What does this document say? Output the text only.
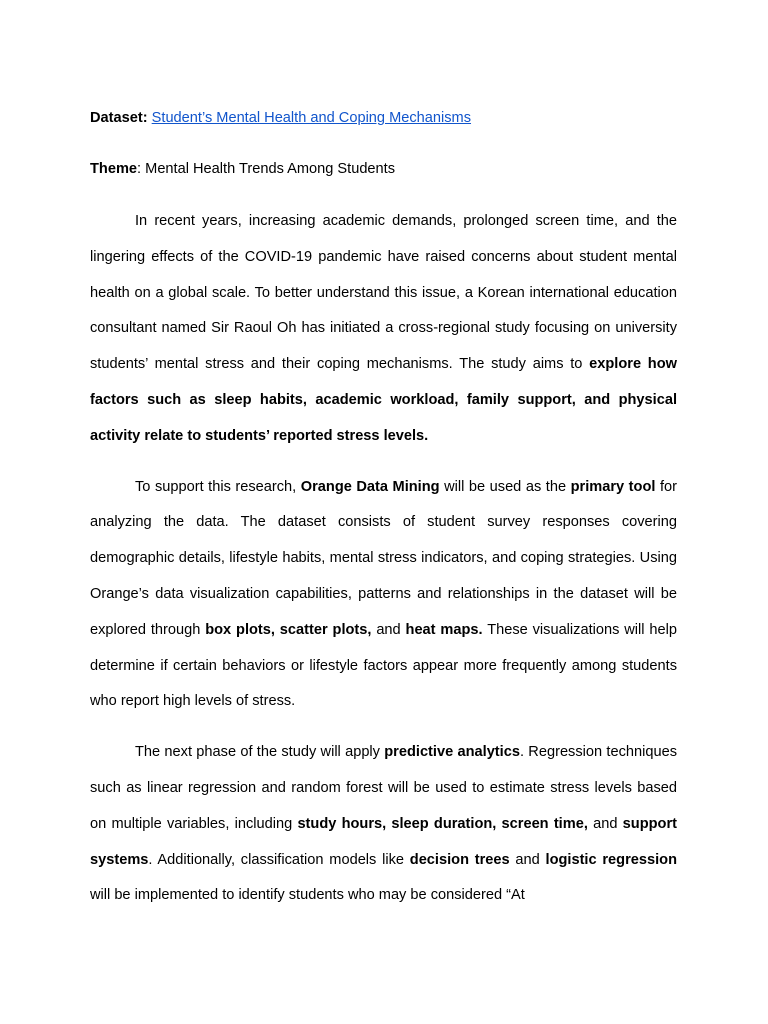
Dataset: Student’s Mental Health and Coping Mechanisms
Theme: Mental Health Trends Among Students

In recent years, increasing academic demands, prolonged screen time, and the lingering effects of the COVID-19 pandemic have raised concerns about student mental health on a global scale. To better understand this issue, a Korean international education consultant named Sir Raoul Oh has initiated a cross-regional study focusing on university students’ mental stress and their coping mechanisms. The study aims to explore how factors such as sleep habits, academic workload, family support, and physical activity relate to students’ reported stress levels.

To support this research, Orange Data Mining will be used as the primary tool for analyzing the data. The dataset consists of student survey responses covering demographic details, lifestyle habits, mental stress indicators, and coping strategies. Using Orange’s data visualization capabilities, patterns and relationships in the dataset will be explored through box plots, scatter plots, and heat maps. These visualizations will help determine if certain behaviors or lifestyle factors appear more frequently among students who report high levels of stress.

The next phase of the study will apply predictive analytics. Regression techniques such as linear regression and random forest will be used to estimate stress levels based on multiple variables, including study hours, sleep duration, screen time, and support systems. Additionally, classification models like decision trees and logistic regression will be implemented to identify students who may be considered “At
